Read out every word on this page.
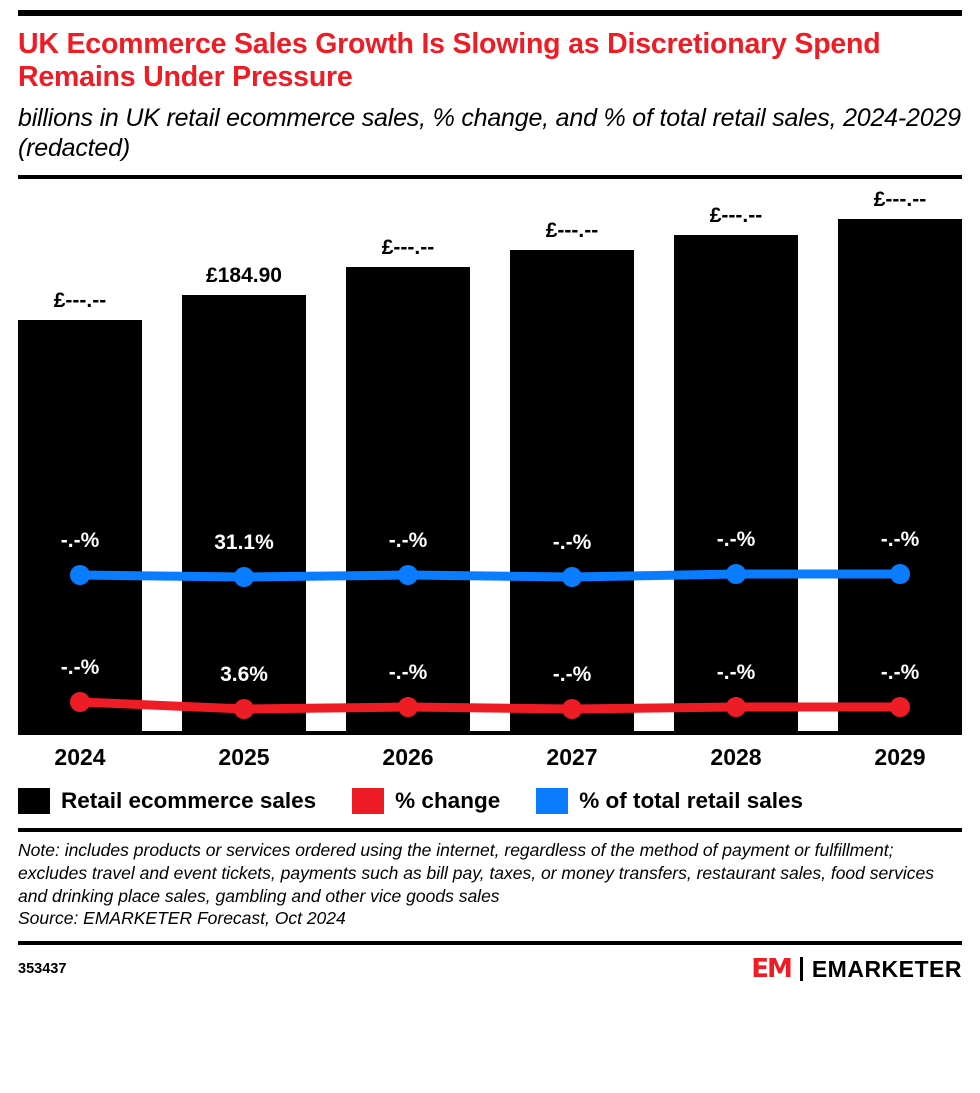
UK Ecommerce Sales Growth Is Slowing as Discretionary Spend Remains Under Pressure
billions in UK retail ecommerce sales, % change, and % of total retail sales, 2024-2029 (redacted)
£---.--
£184.90
£---.--
£---.--
£---.--
£---.--
-.-%	31.1%	-.-%	-.-%	-.-%	-.-%
-.-%	3.6%	-.-%	-.-%	-.-%	-.-%
2024	2025	2026	2027	2028	2029
Retail ecommerce sales	% change	% of total retail sales
Note: includes products or services ordered using the internet, regardless of the method of payment or fulfillment; excludes travel and event tickets, payments such as bill pay, taxes, or money transfers, restaurant sales, food services and drinking place sales, gambling and other vice goods sales
Source: EMARKETER Forecast, Oct 2024
353437	EM EMARKETER
